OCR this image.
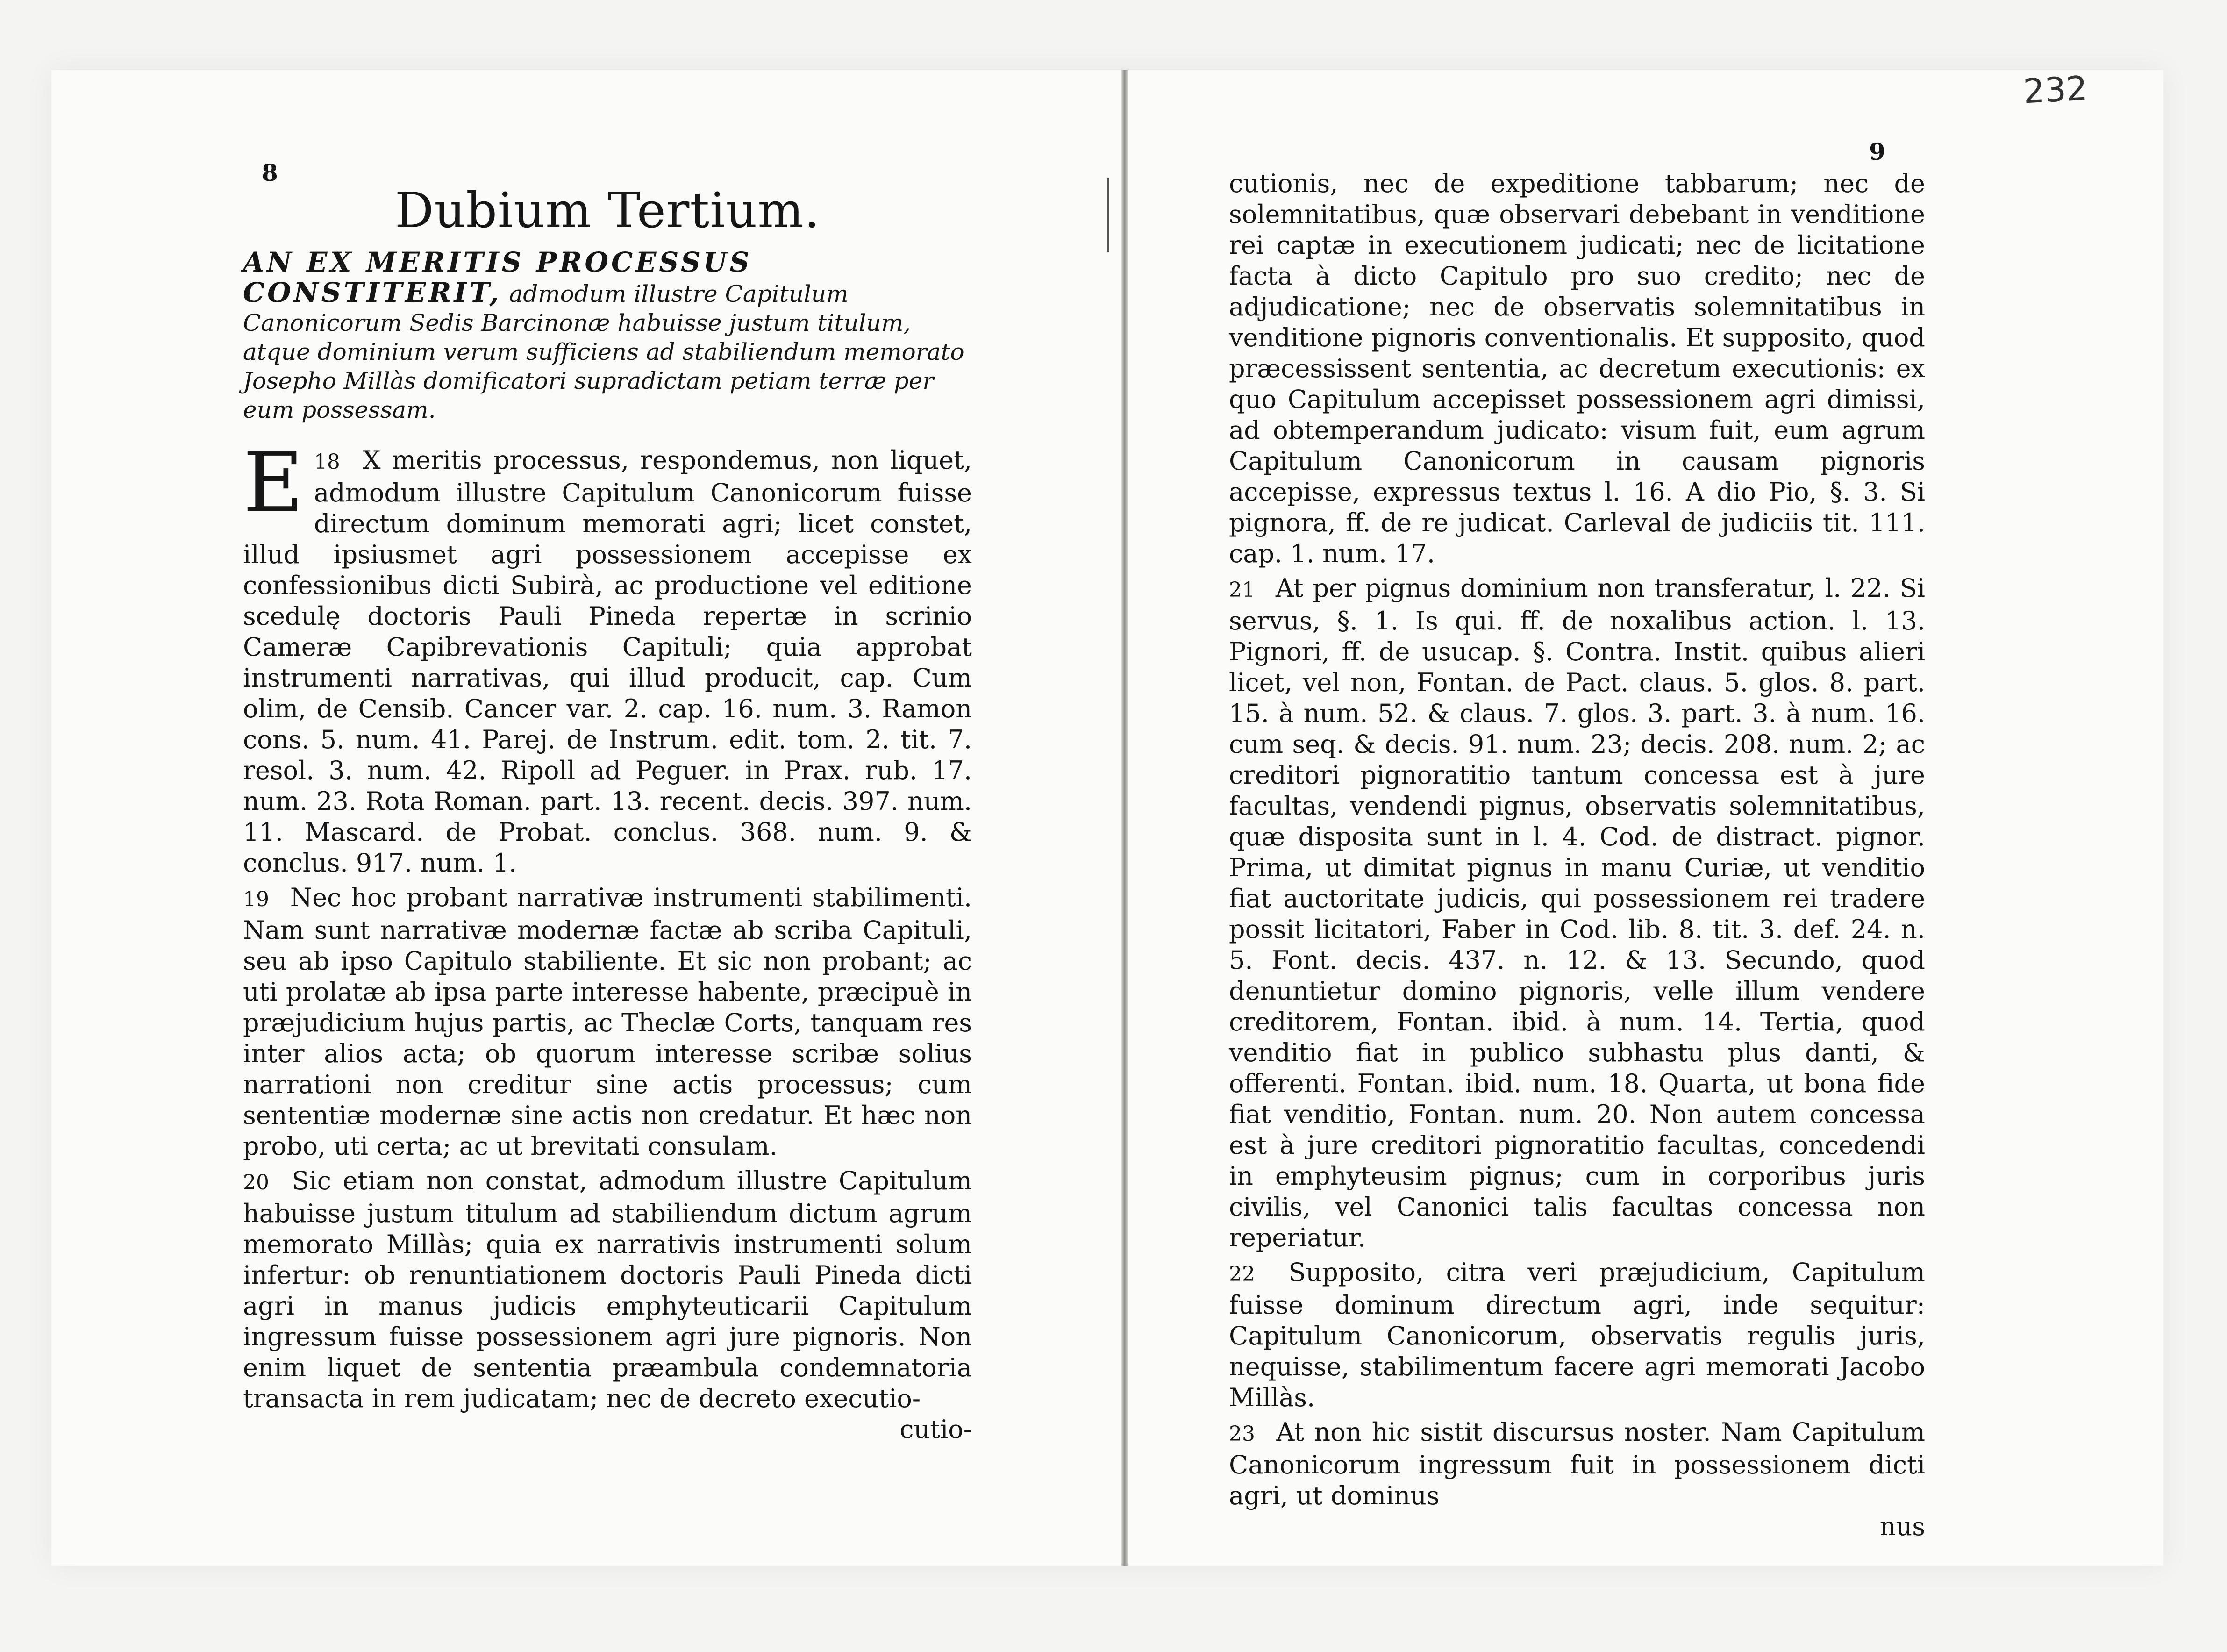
232
8
9
Dubium Tertium.

AN EX MERITIS PROCESSUS CONSTITERIT, admodum illustre Capitulum Canonicorum Sedis Barcinonæ habuisse justum titulum, atque dominium verum sufficiens ad stabiliendum memorato Josepho Millàs domificatori supradictam petiam terræ per eum possessam.

18
E X meritis processus, respondemus, non liquet, admodum illustre Capitulum Canonicorum fuisse directum dominum memorati agri; licet constet, illud ipsiusmet agri possessionem accepisse ex confessionibus dicti Subirà, ac productione vel editione scedulę doctoris Pauli Pineda repertæ in scrinio Cameræ Capibrevationis Capituli; quia approbat instrumenti narrativas, qui illud producit, cap. Cum olim, de Censib. Cancer var. 2. cap. 16. num. 3. Ramon cons. 5. num. 41. Parej. de Instrum. edit. tom. 2. tit. 7. resol. 3. num. 42. Ripoll ad Peguer. in Prax. rub. 17. num. 23. Rota Roman. part. 13. recent. decis. 397. num. 11. Mascard. de Probat. conclus. 368. num. 9. & conclus. 917. num. 1.

19 Nec hoc probant narrativæ instrumenti stabilimenti. Nam sunt narrativæ modernæ factæ ab scriba Capituli, seu ab ipso Capitulo stabiliente. Et sic non probant; ac uti prolatæ ab ipsa parte interesse habente, præcipuè in præjudicium hujus partis, ac Theclæ Corts, tanquam res inter alios acta; ob quorum interesse scribæ solius narrationi non creditur sine actis processus; cum sententiæ modernæ sine actis non credatur. Et hæc non probo, uti certa; ac ut brevitati consulam.

20 Sic etiam non constat, admodum illustre Capitulum habuisse justum titulum ad stabiliendum dictum agrum memorato Millàs; quia ex narrativis instrumenti solum infertur: ob renuntiationem doctoris Pauli Pineda dicti agri in manus judicis emphyteuticarii Capitulum ingressum fuisse possessionem agri jure pignoris. Non enim liquet de sententia præambula condemnatoria transacta in rem judicatam; nec de decreto executio-

cutio-

cutionis, nec de expeditione tabbarum; nec de solemnitatibus, quæ observari debebant in venditione rei captæ in executionem judicati; nec de licitatione facta à dicto Capitulo pro suo credito; nec de adjudicatione; nec de observatis solemnitatibus in venditione pignoris conventionalis. Et supposito, quod præcessissent sententia, ac decretum executionis: ex quo Capitulum accepisset possessionem agri dimissi, ad obtemperandum judicato: visum fuit, eum agrum Capitulum Canonicorum in causam pignoris accepisse, expressus textus l. 16. A dio Pio, §. 3. Si pignora, ff. de re judicat. Carleval de judiciis tit. 111. cap. 1. num. 17.

21 At per pignus dominium non transferatur, l. 22. Si servus, §. 1. Is qui. ff. de noxalibus action. l. 13. Pignori, ff. de usucap. §. Contra. Instit. quibus alieri licet, vel non, Fontan. de Pact. claus. 5. glos. 8. part. 15. à num. 52. & claus. 7. glos. 3. part. 3. à num. 16. cum seq. & decis. 91. num. 23; decis. 208. num. 2; ac creditori pignoratitio tantum concessa est à jure facultas, vendendi pignus, observatis solemnitatibus, quæ disposita sunt in l. 4. Cod. de distract. pignor. Prima, ut dimitat pignus in manu Curiæ, ut venditio fiat auctoritate judicis, qui possessionem rei tradere possit licitatori, Faber in Cod. lib. 8. tit. 3. def. 24. n. 5. Font. decis. 437. n. 12. & 13. Secundo, quod denuntietur domino pignoris, velle illum vendere creditorem, Fontan. ibid. à num. 14. Tertia, quod venditio fiat in publico subhastu plus danti, & offerenti. Fontan. ibid. num. 18. Quarta, ut bona fide fiat venditio, Fontan. num. 20. Non autem concessa est à jure creditori pignoratitio facultas, concedendi in emphyteusim pignus; cum in corporibus juris civilis, vel Canonici talis facultas concessa non reperiatur.

22 Supposito, citra veri præjudicium, Capitulum fuisse dominum directum agri, inde sequitur: Capitulum Canonicorum, observatis regulis juris, nequisse, stabilimentum facere agri memorati Jacobo Millàs.

23 At non hic sistit discursus noster. Nam Capitulum Canonicorum ingressum fuit in possessionem dicti agri, ut dominus

nus
